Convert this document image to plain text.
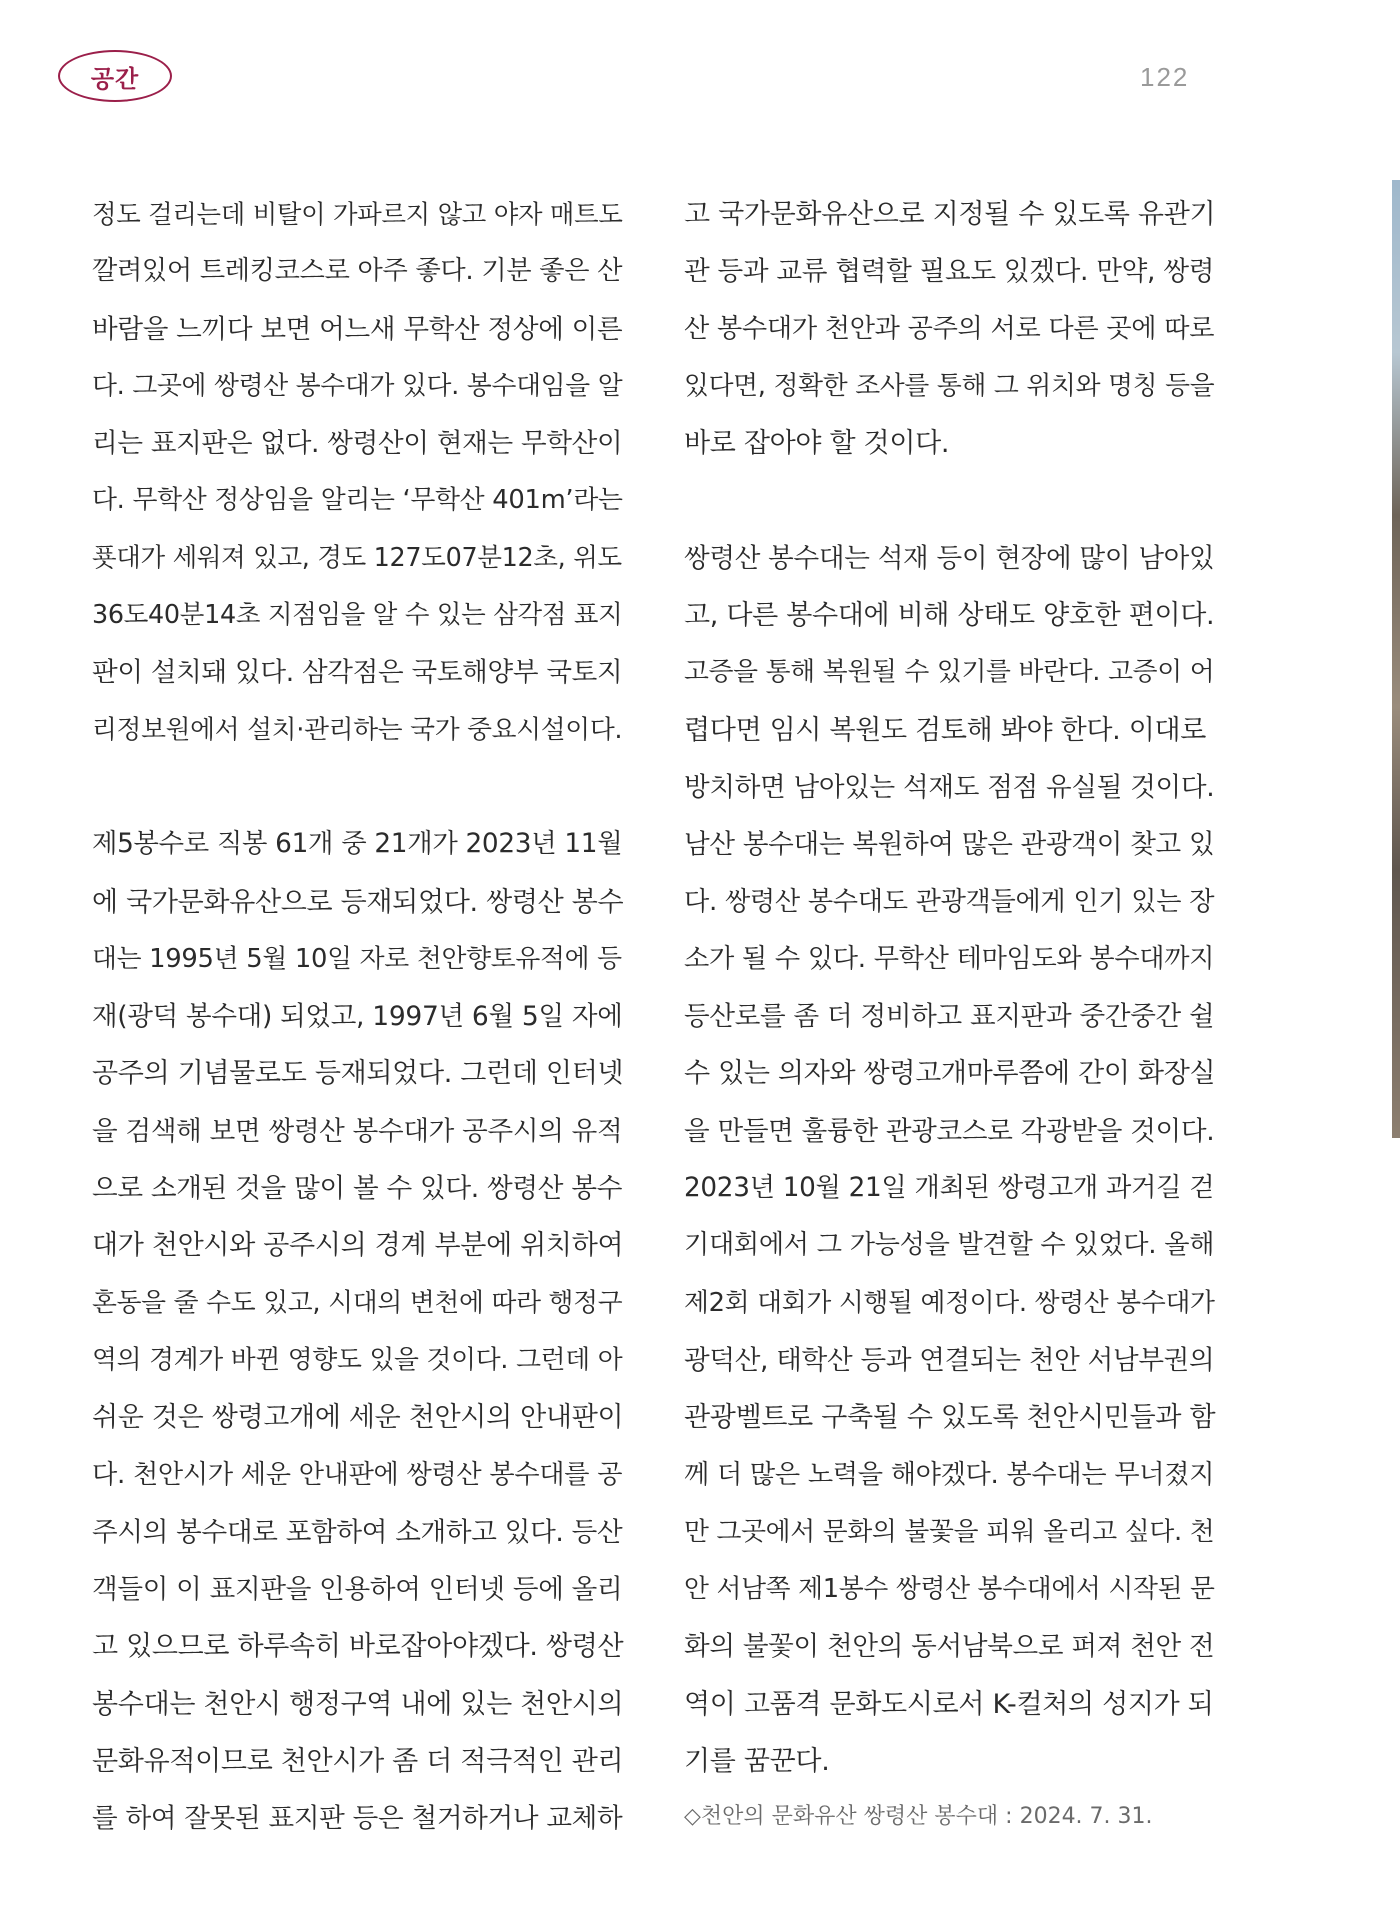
공간	122
정도 걸리는데 비탈이 가파르지 않고 야자 매트도
깔려있어 트레킹코스로 아주 좋다. 기분 좋은 산
바람을 느끼다 보면 어느새 무학산 정상에 이른
다. 그곳에 쌍령산 봉수대가 있다. 봉수대임을 알
리는 표지판은 없다. 쌍령산이 현재는 무학산이
다. 무학산 정상임을 알리는 ‘무학산 401m’라는
푯대가 세워져 있고, 경도 127도07분12초, 위도
36도40분14초 지점임을 알 수 있는 삼각점 표지
판이 설치돼 있다. 삼각점은 국토해양부 국토지
리정보원에서 설치·관리하는 국가 중요시설이다.
제5봉수로 직봉 61개 중 21개가 2023년 11월
에 국가문화유산으로 등재되었다. 쌍령산 봉수
대는 1995년 5월 10일 자로 천안향토유적에 등
재(광덕 봉수대) 되었고, 1997년 6월 5일 자에
공주의 기념물로도 등재되었다. 그런데 인터넷
을 검색해 보면 쌍령산 봉수대가 공주시의 유적
으로 소개된 것을 많이 볼 수 있다. 쌍령산 봉수
대가 천안시와 공주시의 경계 부분에 위치하여
혼동을 줄 수도 있고, 시대의 변천에 따라 행정구
역의 경계가 바뀐 영향도 있을 것이다. 그런데 아
쉬운 것은 쌍령고개에 세운 천안시의 안내판이
다. 천안시가 세운 안내판에 쌍령산 봉수대를 공
주시의 봉수대로 포함하여 소개하고 있다. 등산
객들이 이 표지판을 인용하여 인터넷 등에 올리
고 있으므로 하루속히 바로잡아야겠다. 쌍령산
봉수대는 천안시 행정구역 내에 있는 천안시의
문화유적이므로 천안시가 좀 더 적극적인 관리
를 하여 잘못된 표지판 등은 철거하거나 교체하
고 국가문화유산으로 지정될 수 있도록 유관기
관 등과 교류 협력할 필요도 있겠다. 만약, 쌍령
산 봉수대가 천안과 공주의 서로 다른 곳에 따로
있다면, 정확한 조사를 통해 그 위치와 명칭 등을
바로 잡아야 할 것이다.
쌍령산 봉수대는 석재 등이 현장에 많이 남아있
고, 다른 봉수대에 비해 상태도 양호한 편이다.
고증을 통해 복원될 수 있기를 바란다. 고증이 어
렵다면 임시 복원도 검토해 봐야 한다. 이대로
방치하면 남아있는 석재도 점점 유실될 것이다.
남산 봉수대는 복원하여 많은 관광객이 찾고 있
다. 쌍령산 봉수대도 관광객들에게 인기 있는 장
소가 될 수 있다. 무학산 테마임도와 봉수대까지
등산로를 좀 더 정비하고 표지판과 중간중간 쉴
수 있는 의자와 쌍령고개마루쯤에 간이 화장실
을 만들면 훌륭한 관광코스로 각광받을 것이다.
2023년 10월 21일 개최된 쌍령고개 과거길 걷
기대회에서 그 가능성을 발견할 수 있었다. 올해
제2회 대회가 시행될 예정이다. 쌍령산 봉수대가
광덕산, 태학산 등과 연결되는 천안 서남부권의
관광벨트로 구축될 수 있도록 천안시민들과 함
께 더 많은 노력을 해야겠다. 봉수대는 무너졌지
만 그곳에서 문화의 불꽃을 피워 올리고 싶다. 천
안 서남쪽 제1봉수 쌍령산 봉수대에서 시작된 문
화의 불꽃이 천안의 동서남북으로 퍼져 천안 전
역이 고품격 문화도시로서 K-컬처의 성지가 되
기를 꿈꾼다.
◇천안의 문화유산 쌍령산 봉수대 : 2024. 7. 31.
